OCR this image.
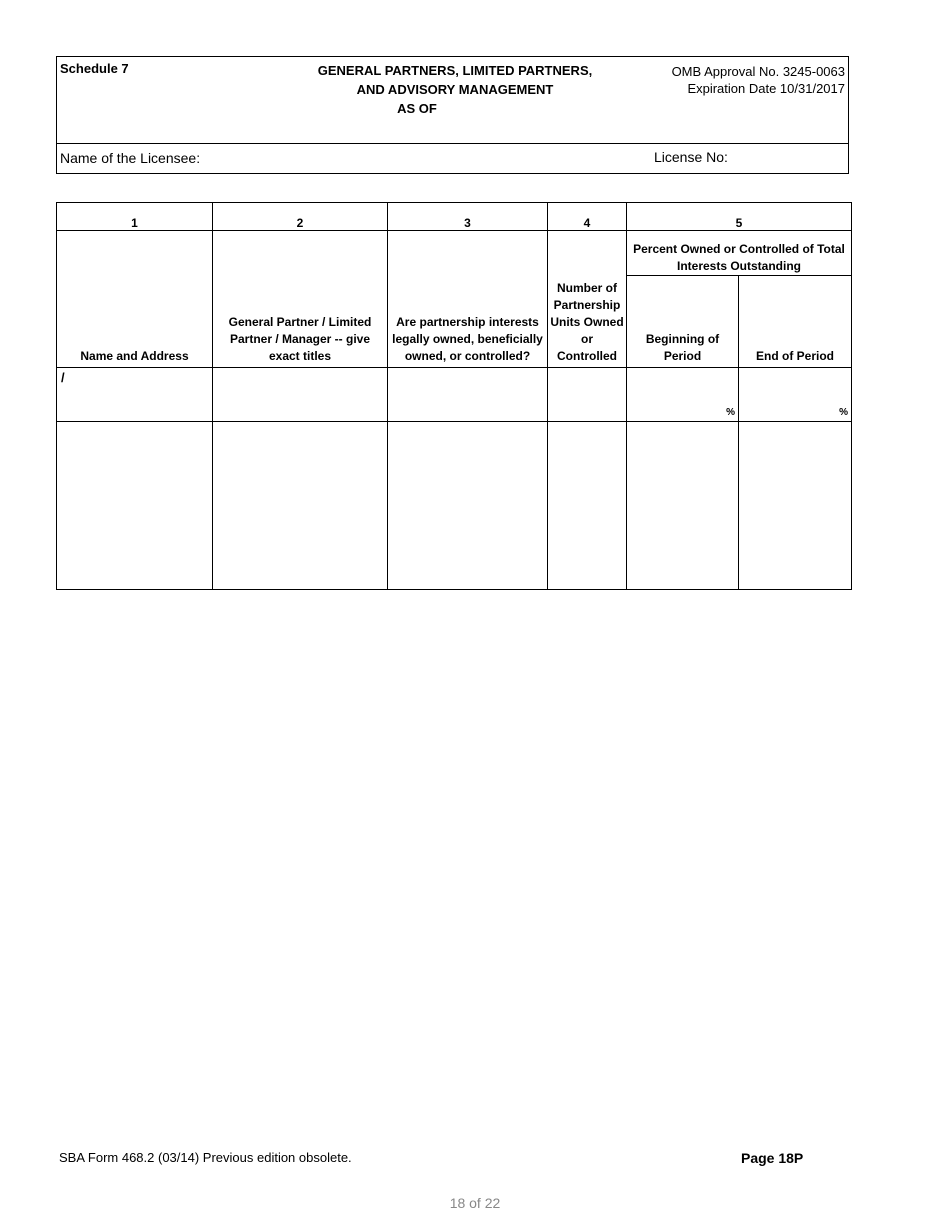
Schedule 7	GENERAL PARTNERS, LIMITED PARTNERS,
AND ADVISORY MANAGEMENT
AS OF
OMB Approval No. 3245-0063
Expiration Date 10/31/2017
Name of the Licensee:	License No:
1	2	3	4	5	
Name and Address	General Partner / Limited Partner / Manager -- give exact titles	Are partnership interests legally owned, beneficially owned, or controlled?	Number of Partnership Units Owned or Controlled	Percent Owned or Controlled of Total Interests Outstanding	
				Beginning of Period	End of Period
/				%	%

SBA Form 468.2 (03/14) Previous edition obsolete.	Page 18P
18 of 22
